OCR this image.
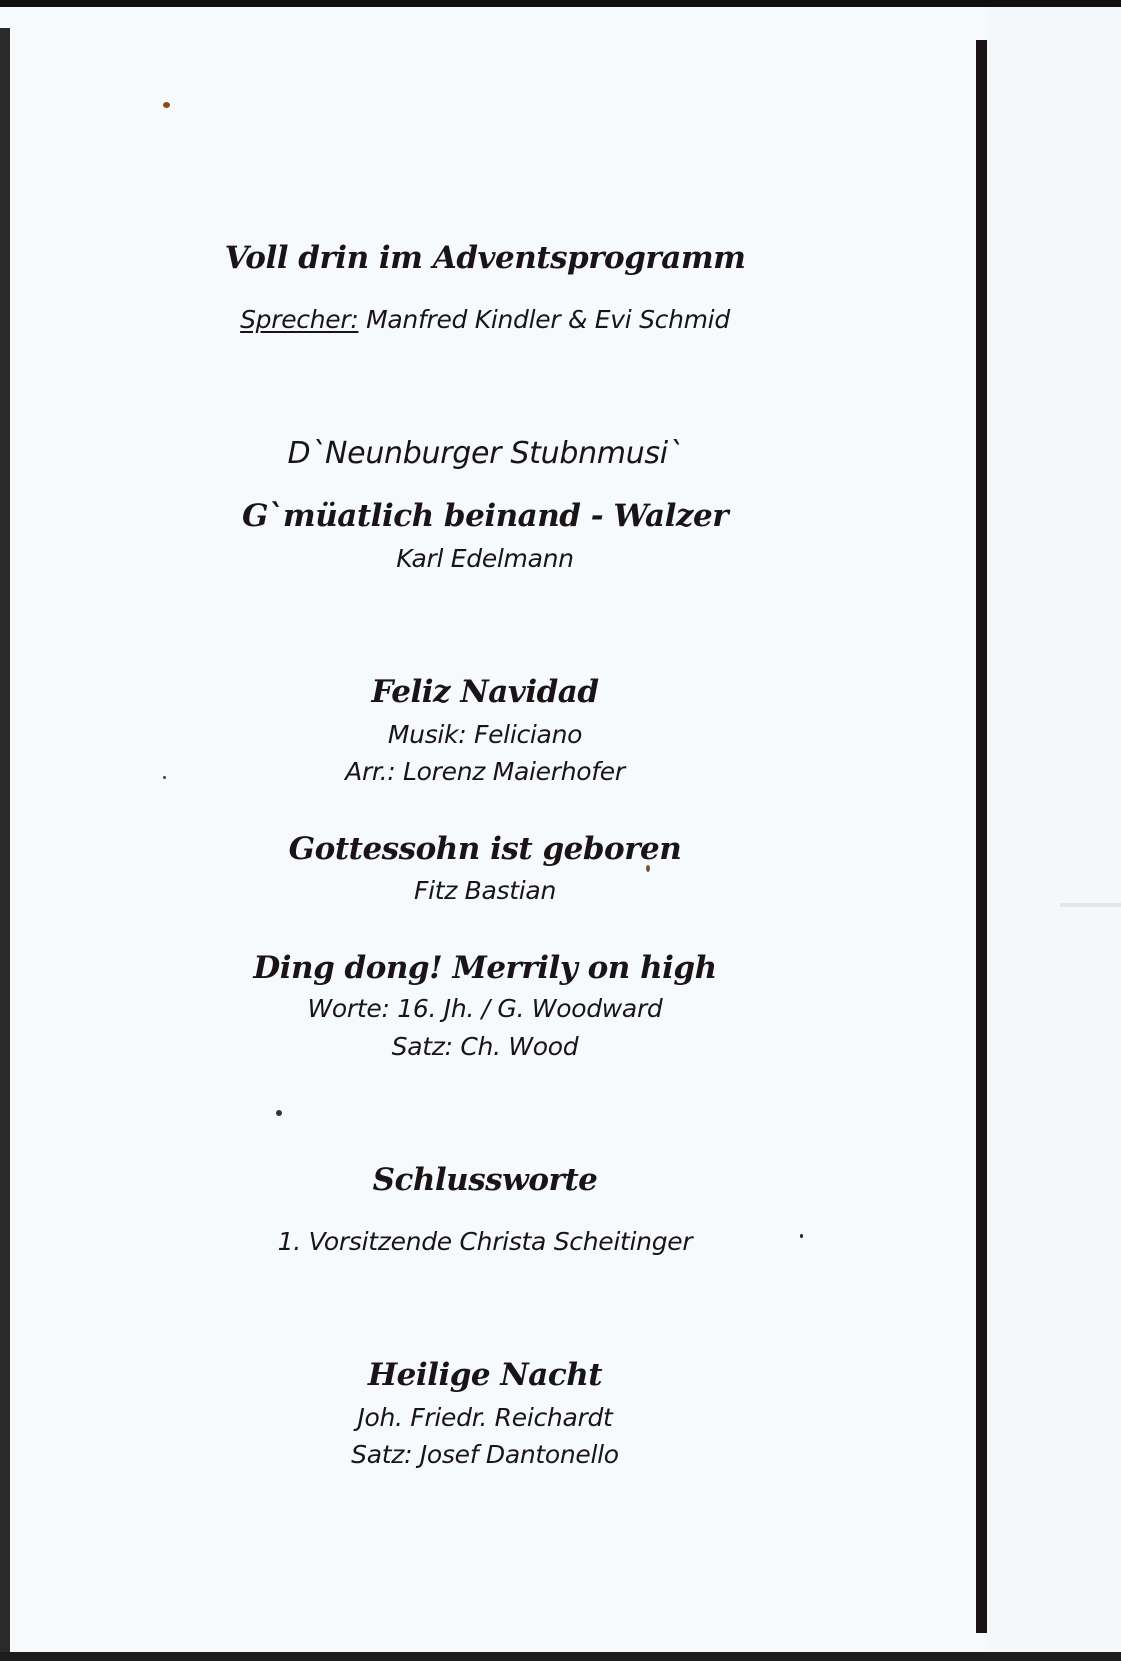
Voll drin im Adventsprogramm
Sprecher: Manfred Kindler & Evi Schmid
D`Neunburger Stubnmusi`
G`müatlich beinand - Walzer
Karl Edelmann
Feliz Navidad
Musik: Feliciano
Arr.: Lorenz Maierhofer
Gottessohn ist geboren
Fitz Bastian
Ding dong! Merrily on high
Worte: 16. Jh. / G. Woodward
Satz: Ch. Wood
Schlussworte
1. Vorsitzende Christa Scheitinger
Heilige Nacht
Joh. Friedr. Reichardt
Satz: Josef Dantonello
